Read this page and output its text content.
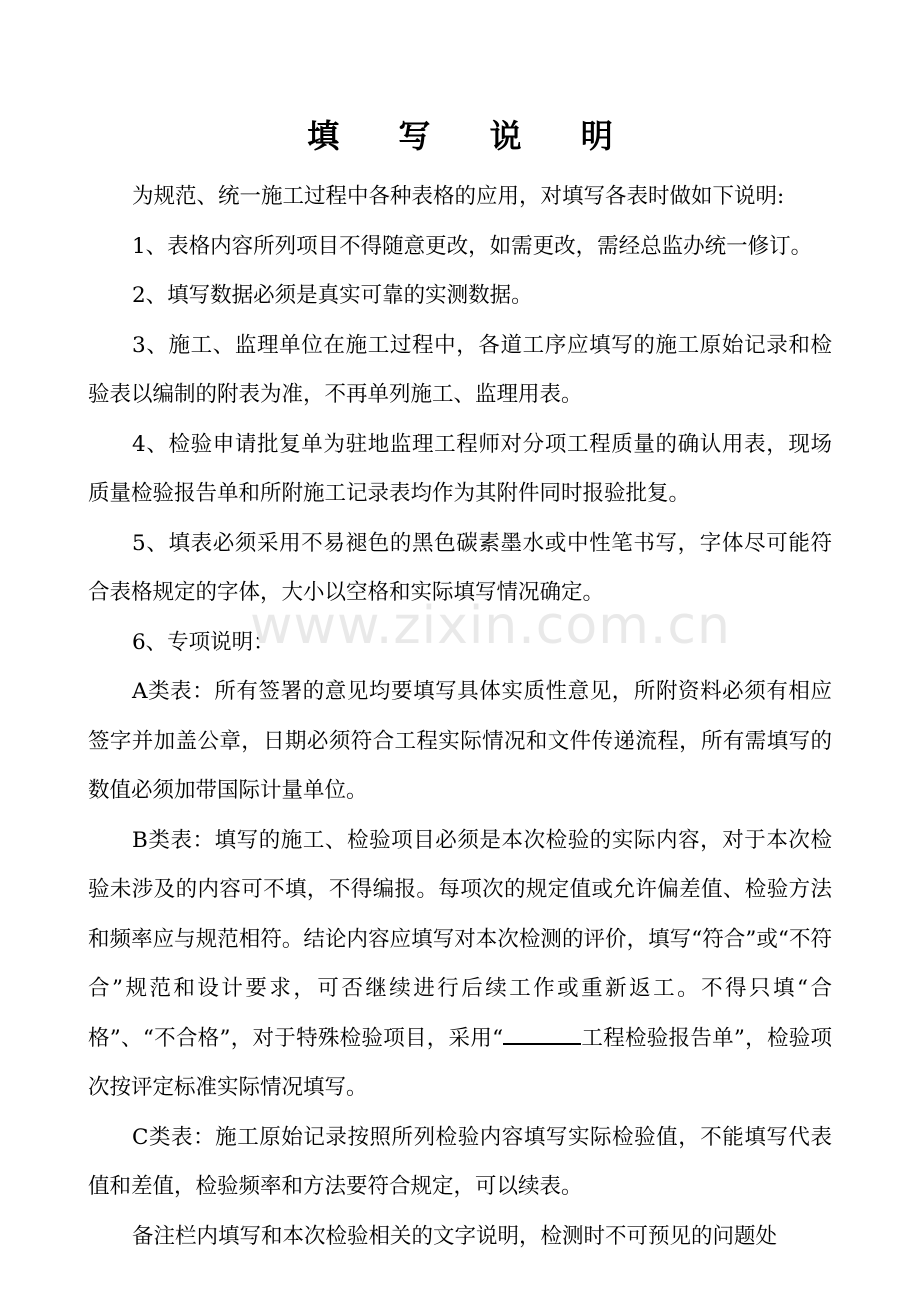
填 写 说 明

为规范、统一施工过程中各种表格的应用，对填写各表时做如下说明:

1、表格内容所列项目不得随意更改，如需更改，需经总监办统一修订。

2、填写数据必须是真实可靠的实测数据。

3、施工、监理单位在施工过程中，各道工序应填写的施工原始记录和检验表以编制的附表为准，不再单列施工、监理用表。

4、检验申请批复单为驻地监理工程师对分项工程质量的确认用表，现场质量检验报告单和所附施工记录表均作为其附件同时报验批复。

5、填表必须采用不易褪色的黑色碳素墨水或中性笔书写，字体尽可能符合表格规定的字体，大小以空格和实际填写情况确定。

6、专项说明：

A类表：所有签署的意见均要填写具体实质性意见，所附资料必须有相应签字并加盖公章，日期必须符合工程实际情况和文件传递流程，所有需填写的数值必须加带国际计量单位。

B类表：填写的施工、检验项目必须是本次检验的实际内容，对于本次检验未涉及的内容可不填，不得编报。每项次的规定值或允许偏差值、检验方法和频率应与规范相符。结论内容应填写对本次检测的评价，填写“符合”或“不符合”规范和设计要求，可否继续进行后续工作或重新返工。不得只填“合格”、“不合格”，对于特殊检验项目，采用“	工程检验报告单”，检验项次按评定标准实际情况填写。

C类表：施工原始记录按照所列检验内容填写实际检验值，不能填写代表值和差值，检验频率和方法要符合规定，可以续表。

备注栏内填写和本次检验相关的文字说明，检测时不可预见的问题处

www.zixin.com.cn
